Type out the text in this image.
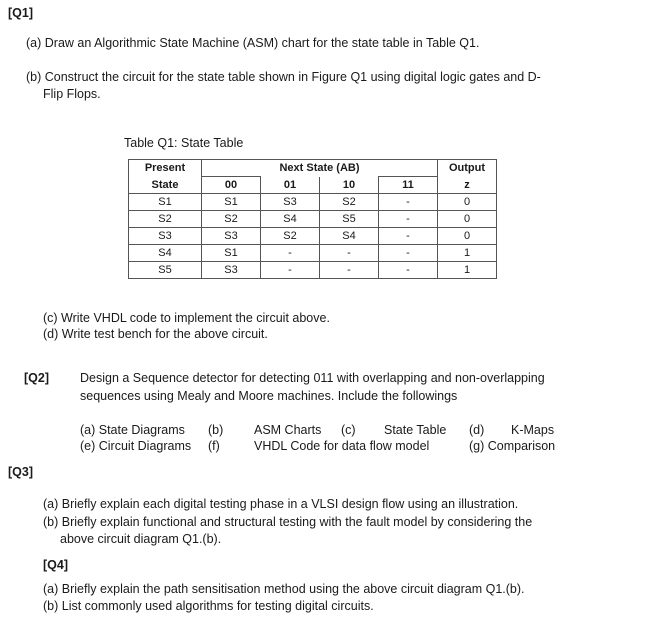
[Q1]
(a) Draw an Algorithmic State Machine (ASM) chart for the state table in Table Q1.
(b) Construct the circuit for the state table shown in Figure Q1 using digital logic gates and D-
Flip Flops.
Table Q1: State Table
Present	Next State (AB)				Output
State	00	01	10	11	z
S1	S1	S3	S2	-	0
S2	S2	S4	S5	-	0
S3	S3	S2	S4	-	0
S4	S1	-	-	-	1
S5	S3	-	-	-	1
(c) Write VHDL code to implement the circuit above.
(d) Write test bench for the above circuit.
[Q2] Design a Sequence detector for detecting 011 with overlapping and non-overlapping
sequences using Mealy and Moore machines. Include the followings
(a) State Diagrams (b) ASM Charts (c) State Table (d) K-Maps
(e) Circuit Diagrams (f)	VHDL Code for data flow model	(g) Comparison
[Q3]
(a) Briefly explain each digital testing phase in a VLSI design flow using an illustration.
(b) Briefly explain functional and structural testing with the fault model by considering the
above circuit diagram Q1.(b).
[Q4]
(a) Briefly explain the path sensitisation method using the above circuit diagram Q1.(b).
(b) List commonly used algorithms for testing digital circuits.
